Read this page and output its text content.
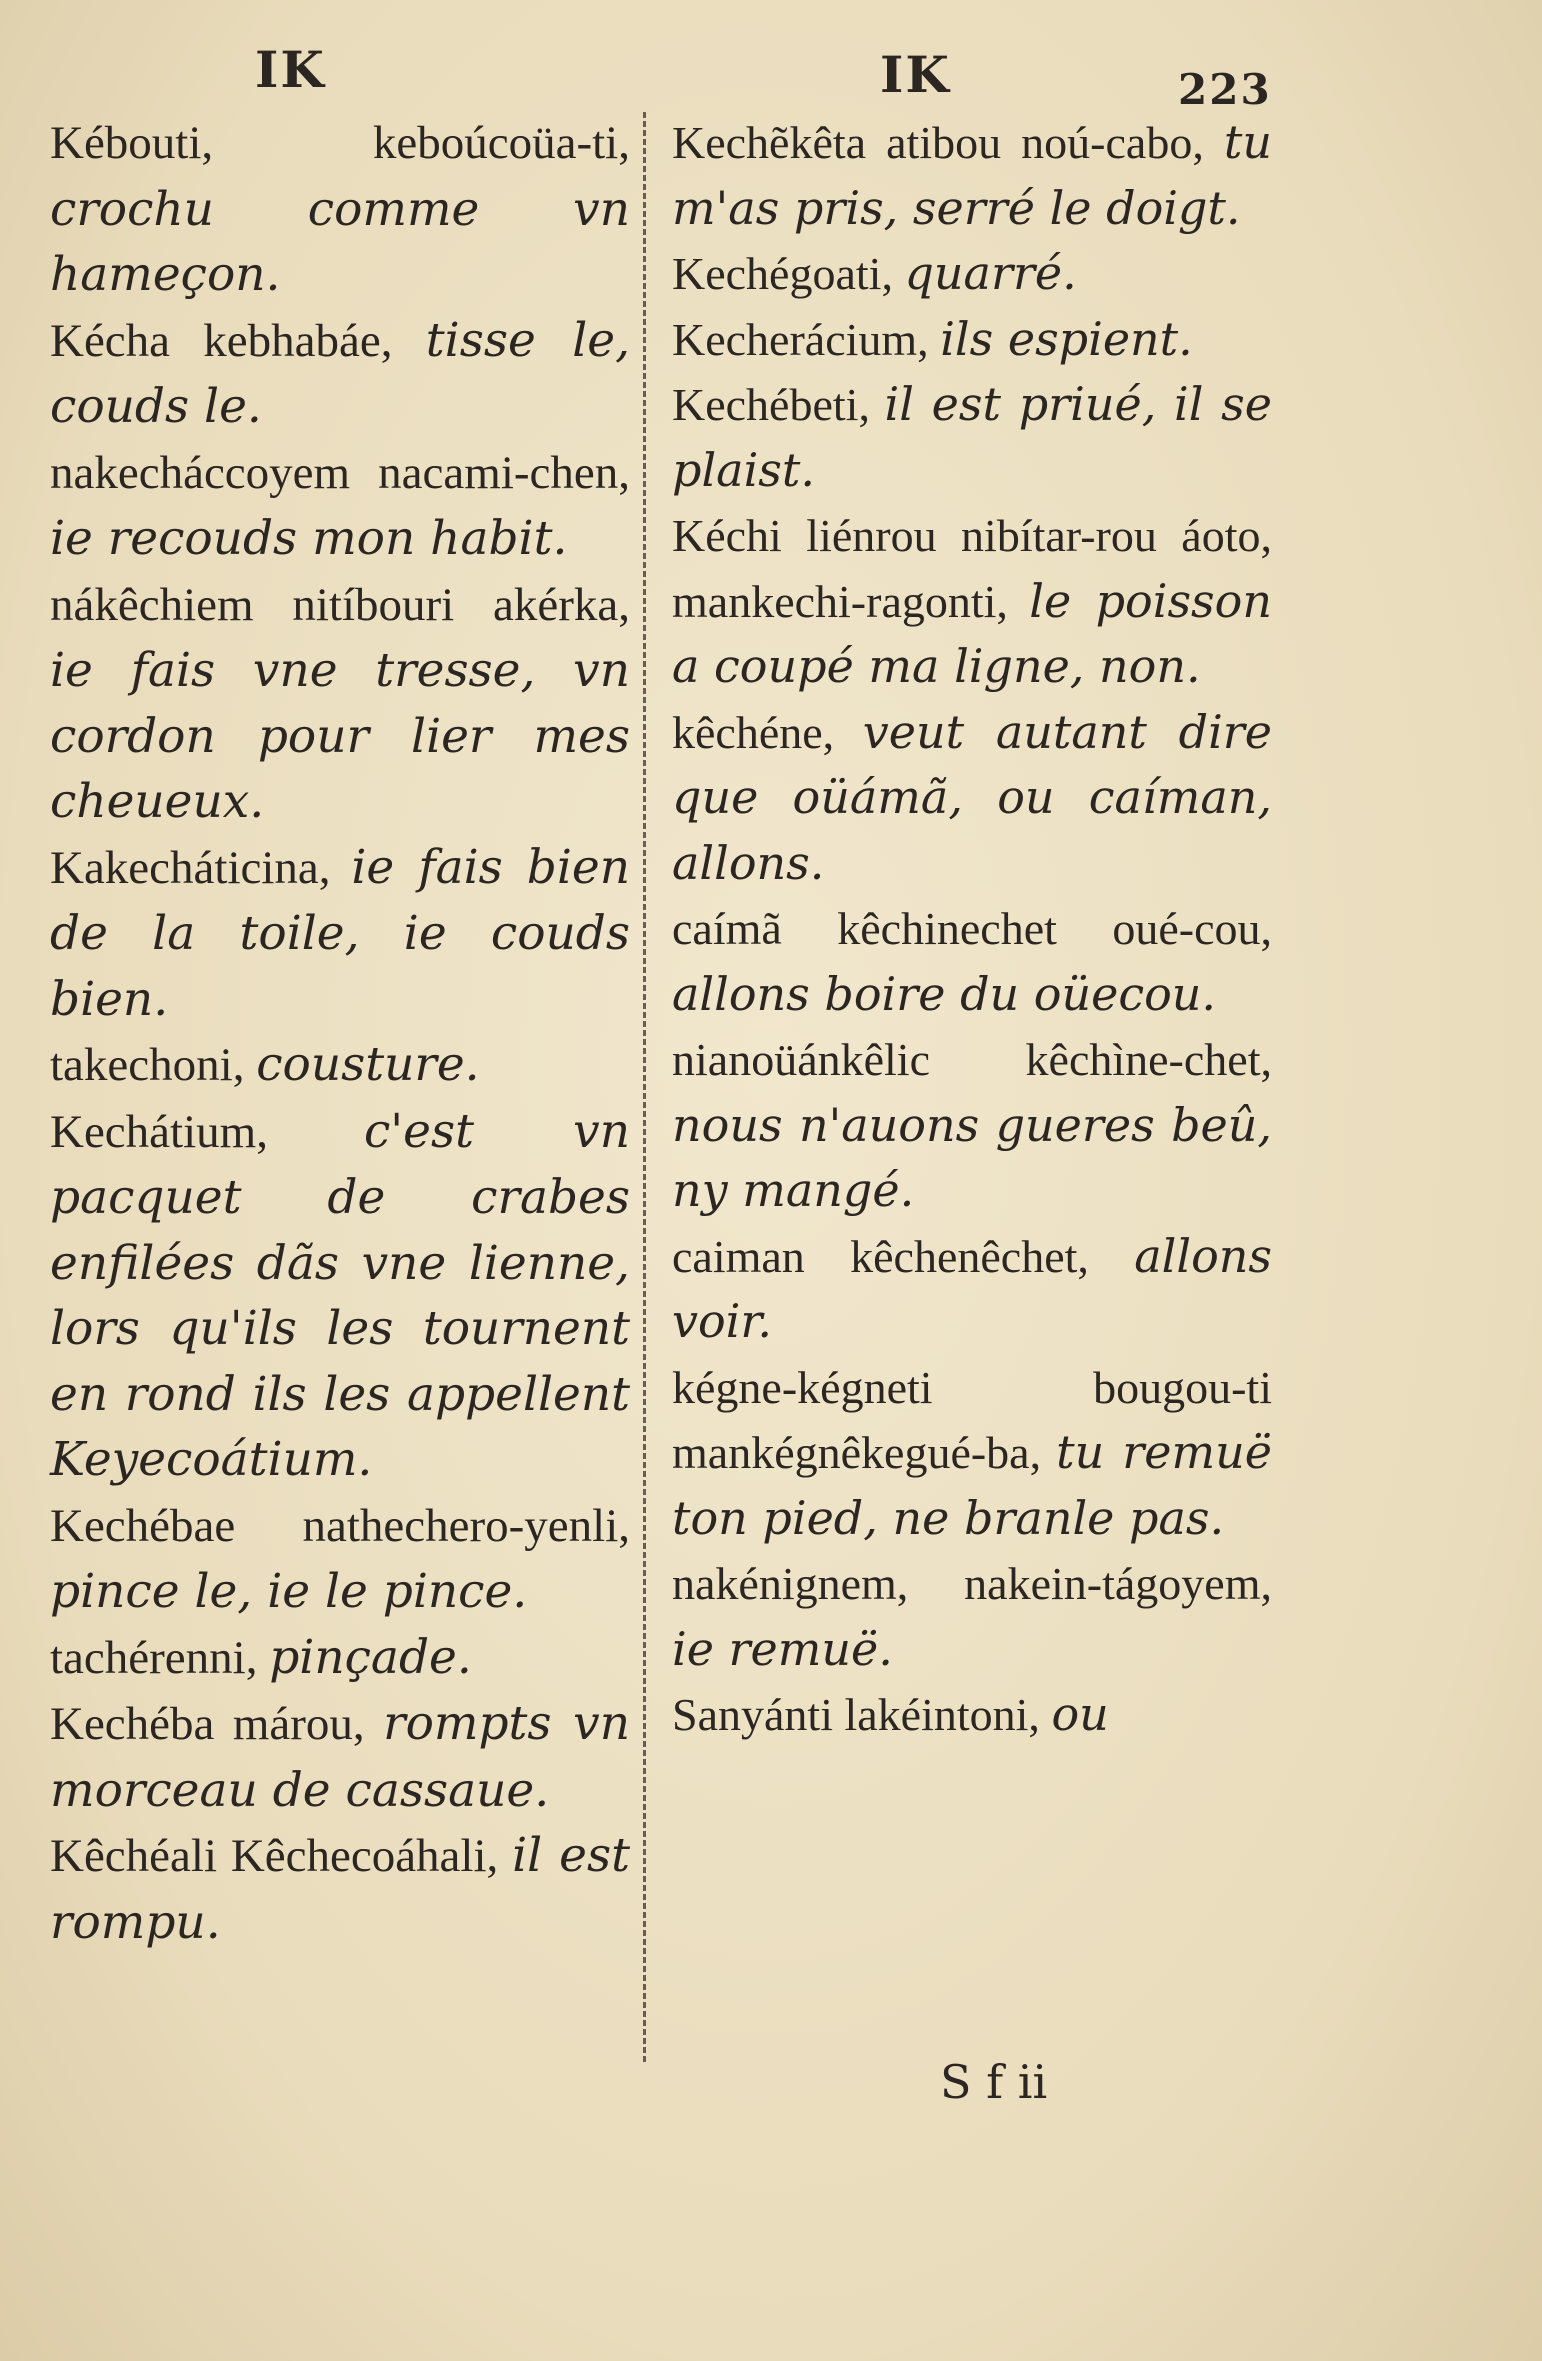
IK	IK	223

Kébouti, keboúcoüa-ti, crochu comme vn hameçon.

Kécha kebhabáe, tisse le, couds le.

nakecháccoyem nacami-chen, ie recouds mon habit.

nákêchiem nitíbouri akérka, ie fais vne tresse, vn cordon pour lier mes cheueux.

Kakecháticina, ie fais bien de la toile, ie couds bien.

takechoni, cousture.

Kechátium, c'est vn pacquet de crabes enfilées dãs vne lienne, lors qu'ils les tournent en rond ils les appellent Keyecoátium.

Kechébae nathechero-yenli, pince le, ie le pince.

tachérenni, pinçade.

Kechéba márou, rompts vn morceau de cassaue.

Kêchéali Kêchecoáhali, il est rompu.

Kechẽkêta atibou noú-cabo, tu m'as pris, serré le doigt.

Kechégoati, quarré.

Kecherácium, ils espient.

Kechébeti, il est priué, il se plaist.

Kéchi liénrou nibítar-rou áoto, mankechi-ragonti, le poisson a coupé ma ligne, non.

kêchéne, veut autant dire que oüámã, ou caíman, allons.

caímã kêchinechet oué-cou, allons boire du oüecou.

nianoüánkêlic kêchìne-chet, nous n'auons gueres beû, ny mangé.

caiman kêchenêchet, allons voir.

kégne-kégneti bougou-ti mankégnêkegué-ba, tu remuë ton pied, ne branle pas.

nakénignem, nakein-tágoyem, ie remuë.

Sanyánti lakéintoni, ou

S f ii
